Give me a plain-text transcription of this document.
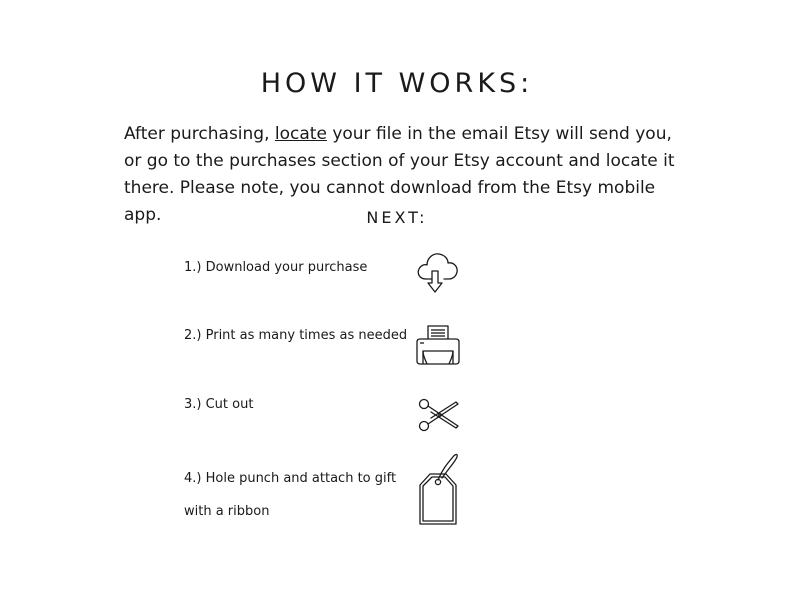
HOW IT WORKS:

After purchasing, locate your file in the email Etsy will send you, or go to the purchases section of your Etsy account and locate it there. Please note, you cannot download from the Etsy mobile app.	NEXT:
1.) Download your purchase
2.) Print as many times as needed
3.) Cut out
4.) Hole punch and attach to gift
with a ribbon
